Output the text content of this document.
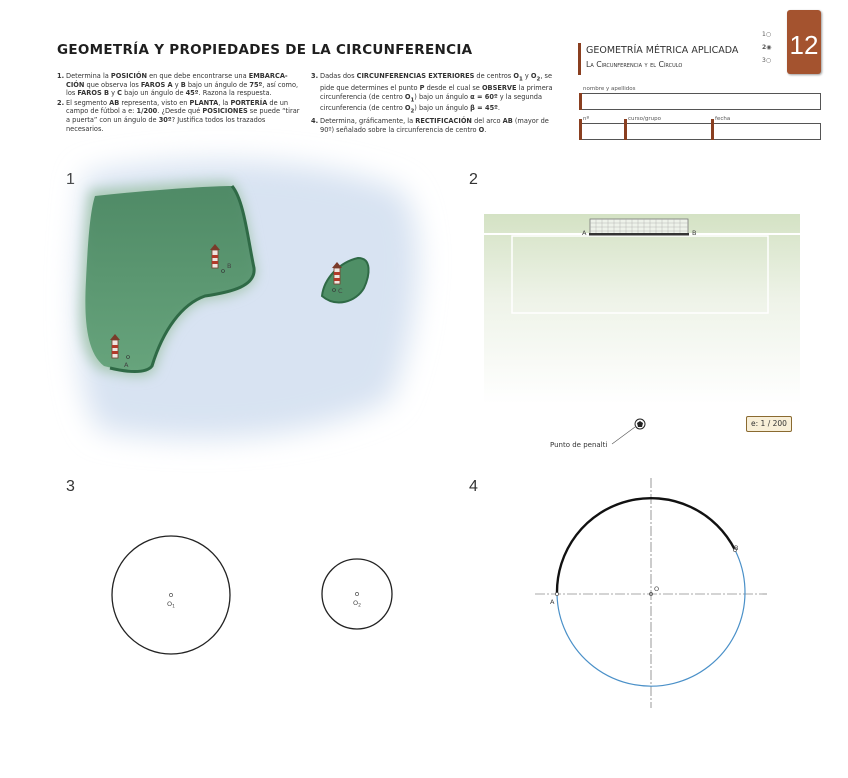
GEOMETRÍA Y PROPIEDADES DE LA CIRCUNFERENCIA
1. Determina la POSICIÓN en que debe encontrarse una EMBARCA-CIÓN que observa los FAROS A y B bajo un ángulo de 75º, así como, los FAROS B y C bajo un ángulo de 45º. Razona la respuesta.
2. El segmento AB representa, visto en PLANTA, la PORTERÍA de un campo de fútbol a e: 1/200. ¿Desde qué POSICIONES se puede “tirar a puerta” con un ángulo de 30º? Justifica todos los trazados necesarios.
3. Dadas dos CIRCUNFERENCIAS EXTERIORES de centros $O_1$ y $O_2$, se pide que determines el punto P desde el cual se OBSERVE la primera circunferencia (de centro $O_1$) bajo un ángulo α = 60º y la segunda circunferencia (de centro $O_2$) bajo un ángulo β = 45º.
4. Determina, gráficamente, la RECTIFICACIÓN del arco AB (mayor de 90º) señalado sobre la circunferencia de centro O.
GEOMETRÍA MÉTRICA APLICADA
La Circunferencia y el Círculo
1○
2◉
3○
12
nombre y apellidos
nº	curso/grupo	fecha
1	2
3	4
A
B
C
A	B
Punto de penalti
e: 1 / 200
$O_1$	$O_2$	A
B
O
